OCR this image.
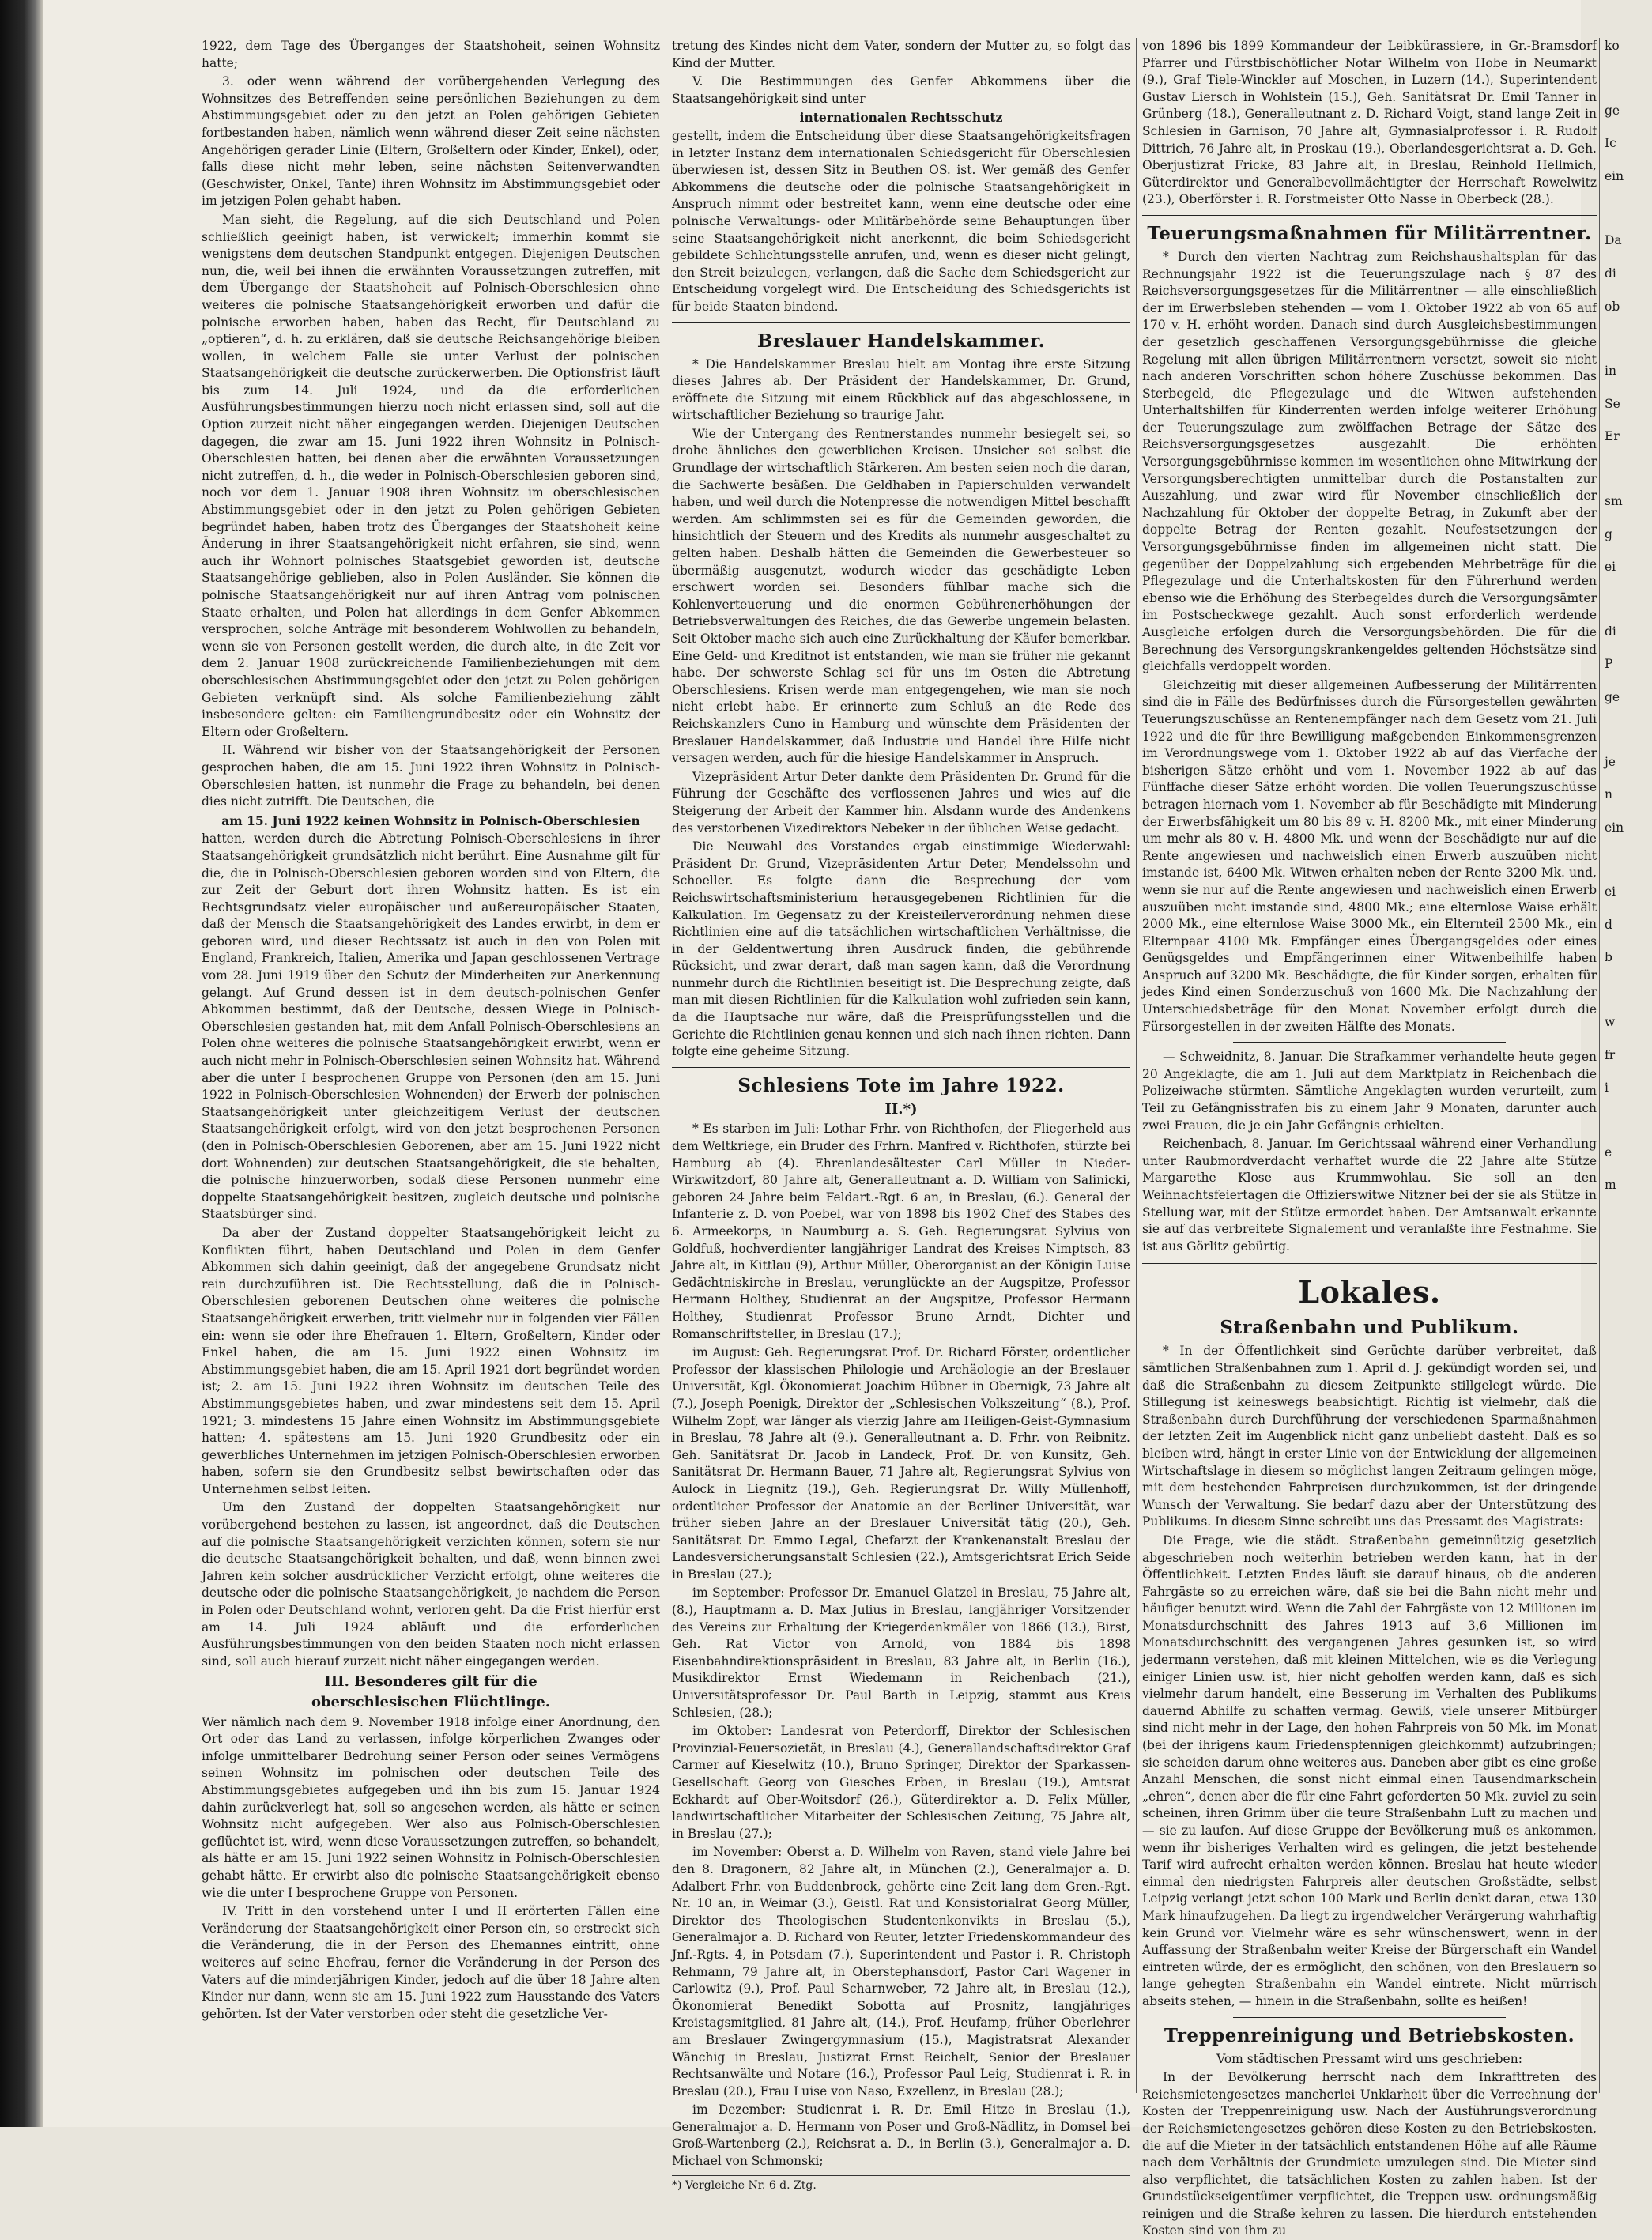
1922, dem Tage des Überganges der Staatshoheit, seinen Wohnsitz hatte;

3. oder wenn während der vorübergehenden Verlegung des Wohnsitzes des Betreffenden seine persönlichen Beziehungen zu dem Abstimmungsgebiet oder zu den jetzt an Polen gehörigen Gebieten fortbestanden haben, nämlich wenn während dieser Zeit seine nächsten Angehörigen gerader Linie (Eltern, Großeltern oder Kinder, Enkel), oder, falls diese nicht mehr leben, seine nächsten Seitenverwandten (Geschwister, Onkel, Tante) ihren Wohnsitz im Abstimmungsgebiet oder im jetzigen Polen gehabt haben.

Man sieht, die Regelung, auf die sich Deutschland und Polen schließlich geeinigt haben, ist verwickelt; immerhin kommt sie wenigstens dem deutschen Standpunkt entgegen. Diejenigen Deutschen nun, die, weil bei ihnen die erwähnten Voraussetzungen zutreffen, mit dem Übergange der Staatshoheit auf Polnisch-Oberschlesien ohne weiteres die polnische Staatsangehörigkeit erworben und dafür die polnische erworben haben, haben das Recht, für Deutschland zu „optieren“, d. h. zu erklären, daß sie deutsche Reichsangehörige bleiben wollen, in welchem Falle sie unter Verlust der polnischen Staatsangehörigkeit die deutsche zurückerwerben. Die Optionsfrist läuft bis zum 14. Juli 1924, und da die erforderlichen Ausführungsbestimmungen hierzu noch nicht erlassen sind, soll auf die Option zurzeit nicht näher eingegangen werden. Diejenigen Deutschen dagegen, die zwar am 15. Juni 1922 ihren Wohnsitz in Polnisch-Oberschlesien hatten, bei denen aber die erwähnten Voraussetzungen nicht zutreffen, d. h., die weder in Polnisch-Oberschlesien geboren sind, noch vor dem 1. Januar 1908 ihren Wohnsitz im oberschlesischen Abstimmungsgebiet oder in den jetzt zu Polen gehörigen Gebieten begründet haben, haben trotz des Überganges der Staatshoheit keine Änderung in ihrer Staatsangehörigkeit nicht erfahren, sie sind, wenn auch ihr Wohnort polnisches Staatsgebiet geworden ist, deutsche Staatsangehörige geblieben, also in Polen Ausländer. Sie können die polnische Staatsangehörigkeit nur auf ihren Antrag vom polnischen Staate erhalten, und Polen hat allerdings in dem Genfer Abkommen versprochen, solche Anträge mit besonderem Wohlwollen zu behandeln, wenn sie von Personen gestellt werden, die durch alte, in die Zeit vor dem 2. Januar 1908 zurückreichende Familienbeziehungen mit dem oberschlesischen Abstimmungsgebiet oder den jetzt zu Polen gehörigen Gebieten verknüpft sind. Als solche Familienbeziehung zählt insbesondere gelten: ein Familiengrundbesitz oder ein Wohnsitz der Eltern oder Großeltern.

II. Während wir bisher von der Staatsangehörigkeit der Personen gesprochen haben, die am 15. Juni 1922 ihren Wohnsitz in Polnisch-Oberschlesien hatten, ist nunmehr die Frage zu behandeln, bei denen dies nicht zutrifft. Die Deutschen, die

am 15. Juni 1922 keinen Wohnsitz in Polnisch-Oberschlesien

hatten, werden durch die Abtretung Polnisch-Oberschlesiens in ihrer Staatsangehörigkeit grundsätzlich nicht berührt. Eine Ausnahme gilt für die, die in Polnisch-Oberschlesien geboren worden sind von Eltern, die zur Zeit der Geburt dort ihren Wohnsitz hatten. Es ist ein Rechtsgrundsatz vieler europäischer und außereuropäischer Staaten, daß der Mensch die Staatsangehörigkeit des Landes erwirbt, in dem er geboren wird, und dieser Rechtssatz ist auch in den von Polen mit England, Frankreich, Italien, Amerika und Japan geschlossenen Vertrage vom 28. Juni 1919 über den Schutz der Minderheiten zur Anerkennung gelangt. Auf Grund dessen ist in dem deutsch-polnischen Genfer Abkommen bestimmt, daß der Deutsche, dessen Wiege in Polnisch-Oberschlesien gestanden hat, mit dem Anfall Polnisch-Oberschlesiens an Polen ohne weiteres die polnische Staatsangehörigkeit erwirbt, wenn er auch nicht mehr in Polnisch-Oberschlesien seinen Wohnsitz hat. Während aber die unter I besprochenen Gruppe von Personen (den am 15. Juni 1922 in Polnisch-Oberschlesien Wohnenden) der Erwerb der polnischen Staatsangehörigkeit unter gleichzeitigem Verlust der deutschen Staatsangehörigkeit erfolgt, wird von den jetzt besprochenen Personen (den in Polnisch-Oberschlesien Geborenen, aber am 15. Juni 1922 nicht dort Wohnenden) zur deutschen Staatsangehörigkeit, die sie behalten, die polnische hinzuerworben, sodaß diese Personen nunmehr eine doppelte Staatsangehörigkeit besitzen, zugleich deutsche und polnische Staatsbürger sind.

Da aber der Zustand doppelter Staatsangehörigkeit leicht zu Konflikten führt, haben Deutschland und Polen in dem Genfer Abkommen sich dahin geeinigt, daß der angegebene Grundsatz nicht rein durchzuführen ist. Die Rechtsstellung, daß die in Polnisch-Oberschlesien geborenen Deutschen ohne weiteres die polnische Staatsangehörigkeit erwerben, tritt vielmehr nur in folgenden vier Fällen ein: wenn sie oder ihre Ehefrauen 1. Eltern, Großeltern, Kinder oder Enkel haben, die am 15. Juni 1922 einen Wohnsitz im Abstimmungsgebiet haben, die am 15. April 1921 dort begründet worden ist; 2. am 15. Juni 1922 ihren Wohnsitz im deutschen Teile des Abstimmungsgebietes haben, und zwar mindestens seit dem 15. April 1921; 3. mindestens 15 Jahre einen Wohnsitz im Abstimmungsgebiete hatten; 4. spätestens am 15. Juni 1920 Grundbesitz oder ein gewerbliches Unternehmen im jetzigen Polnisch-Oberschlesien erworben haben, sofern sie den Grundbesitz selbst bewirtschaften oder das Unternehmen selbst leiten.

Um den Zustand der doppelten Staatsangehörigkeit nur vorübergehend bestehen zu lassen, ist angeordnet, daß die Deutschen auf die polnische Staatsangehörigkeit verzichten können, sofern sie nur die deutsche Staatsangehörigkeit behalten, und daß, wenn binnen zwei Jahren kein solcher ausdrücklicher Verzicht erfolgt, ohne weiteres die deutsche oder die polnische Staatsangehörigkeit, je nachdem die Person in Polen oder Deutschland wohnt, verloren geht. Da die Frist hierfür erst am 14. Juli 1924 abläuft und die erforderlichen Ausführungsbestimmungen von den beiden Staaten noch nicht erlassen sind, soll auch hierauf zurzeit nicht näher eingegangen werden.

III. Besonderes gilt für die
oberschlesischen Flüchtlinge.

Wer nämlich nach dem 9. November 1918 infolge einer Anordnung, den Ort oder das Land zu verlassen, infolge körperlichen Zwanges oder infolge unmittelbarer Bedrohung seiner Person oder seines Vermögens seinen Wohnsitz im polnischen oder deutschen Teile des Abstimmungsgebietes aufgegeben und ihn bis zum 15. Januar 1924 dahin zurückverlegt hat, soll so angesehen werden, als hätte er seinen Wohnsitz nicht aufgegeben. Wer also aus Polnisch-Oberschlesien geflüchtet ist, wird, wenn diese Voraussetzungen zutreffen, so behandelt, als hätte er am 15. Juni 1922 seinen Wohnsitz in Polnisch-Oberschlesien gehabt hätte. Er erwirbt also die polnische Staatsangehörigkeit ebenso wie die unter I besprochene Gruppe von Personen.

IV. Tritt in den vorstehend unter I und II erörterten Fällen eine Veränderung der Staatsangehörigkeit einer Person ein, so erstreckt sich die Veränderung, die in der Person des Ehemannes eintritt, ohne weiteres auf seine Ehefrau, ferner die Veränderung in der Person des Vaters auf die minderjährigen Kinder, jedoch auf die über 18 Jahre alten Kinder nur dann, wenn sie am 15. Juni 1922 zum Hausstande des Vaters gehörten. Ist der Vater verstorben oder steht die gesetzliche Ver-

tretung des Kindes nicht dem Vater, sondern der Mutter zu, so folgt das Kind der Mutter.

V. Die Bestimmungen des Genfer Abkommens über die Staatsangehörigkeit sind unter

internationalen Rechtsschutz

gestellt, indem die Entscheidung über diese Staatsangehörigkeitsfragen in letzter Instanz dem internationalen Schiedsgericht für Oberschlesien überwiesen ist, dessen Sitz in Beuthen OS. ist. Wer gemäß des Genfer Abkommens die deutsche oder die polnische Staatsangehörigkeit in Anspruch nimmt oder bestreitet kann, wenn eine deutsche oder eine polnische Verwaltungs- oder Militärbehörde seine Behauptungen über seine Staatsangehörigkeit nicht anerkennt, die beim Schiedsgericht gebildete Schlichtungsstelle anrufen, und, wenn es dieser nicht gelingt, den Streit beizulegen, verlangen, daß die Sache dem Schiedsgericht zur Entscheidung vorgelegt wird. Die Entscheidung des Schiedsgerichts ist für beide Staaten bindend.

Breslauer Handelskammer.

* Die Handelskammer Breslau hielt am Montag ihre erste Sitzung dieses Jahres ab. Der Präsident der Handelskammer, Dr. Grund, eröffnete die Sitzung mit einem Rückblick auf das abgeschlossene, in wirtschaftlicher Beziehung so traurige Jahr.

Wie der Untergang des Rentnerstandes nunmehr besiegelt sei, so drohe ähnliches den gewerblichen Kreisen. Unsicher sei selbst die Grundlage der wirtschaftlich Stärkeren. Am besten seien noch die daran, die Sachwerte besäßen. Die Geldhaben in Papierschulden verwandelt haben, und weil durch die Notenpresse die notwendigen Mittel beschafft werden. Am schlimmsten sei es für die Gemeinden geworden, die hinsichtlich der Steuern und des Kredits als nunmehr ausgeschaltet zu gelten haben. Deshalb hätten die Gemeinden die Gewerbesteuer so übermäßig ausgenutzt, wodurch wieder das geschädigte Leben erschwert worden sei. Besonders fühlbar mache sich die Kohlenverteuerung und die enormen Gebührenerhöhungen der Betriebsverwaltungen des Reiches, die das Gewerbe ungemein belasten. Seit Oktober mache sich auch eine Zurückhaltung der Käufer bemerkbar. Eine Geld- und Kreditnot ist entstanden, wie man sie früher nie gekannt habe. Der schwerste Schlag sei für uns im Osten die Abtretung Oberschlesiens. Krisen werde man entgegengehen, wie man sie noch nicht erlebt habe. Er erinnerte zum Schluß an die Rede des Reichskanzlers Cuno in Hamburg und wünschte dem Präsidenten der Breslauer Handelskammer, daß Industrie und Handel ihre Hilfe nicht versagen werden, auch für die hiesige Handelskammer in Anspruch.

Vizepräsident Artur Deter dankte dem Präsidenten Dr. Grund für die Führung der Geschäfte des verflossenen Jahres und wies auf die Steigerung der Arbeit der Kammer hin. Alsdann wurde des Andenkens des verstorbenen Vizedirektors Nebeker in der üblichen Weise gedacht.

Die Neuwahl des Vorstandes ergab einstimmige Wiederwahl: Präsident Dr. Grund, Vizepräsidenten Artur Deter, Mendelssohn und Schoeller. Es folgte dann die Besprechung der vom Reichswirtschaftsministerium herausgegebenen Richtlinien für die Kalkulation. Im Gegensatz zu der Kreisteilerverordnung nehmen diese Richtlinien eine auf die tatsächlichen wirtschaftlichen Verhältnisse, die in der Geldentwertung ihren Ausdruck finden, die gebührende Rücksicht, und zwar derart, daß man sagen kann, daß die Verordnung nunmehr durch die Richtlinien beseitigt ist. Die Besprechung zeigte, daß man mit diesen Richtlinien für die Kalkulation wohl zufrieden sein kann, da die Hauptsache nur wäre, daß die Preisprüfungsstellen und die Gerichte die Richtlinien genau kennen und sich nach ihnen richten. Dann folgte eine geheime Sitzung.

Schlesiens Tote im Jahre 1922.
II.*)

* Es starben im Juli: Lothar Frhr. von Richthofen, der Fliegerheld aus dem Weltkriege, ein Bruder des Frhrn. Manfred v. Richthofen, stürzte bei Hamburg ab (4). Ehrenlandesältester Carl Müller in Nieder-Wirkwitzdorf, 80 Jahre alt, Generalleutnant a. D. William von Salinicki, geboren 24 Jahre beim Feldart.-Rgt. 6 an, in Breslau, (6.). General der Infanterie z. D. von Poebel, war von 1898 bis 1902 Chef des Stabes des 6. Armeekorps, in Naumburg a. S. Geh. Regierungsrat Sylvius von Goldfuß, hochverdienter langjähriger Landrat des Kreises Nimptsch, 83 Jahre alt, in Kittlau (9), Arthur Müller, Oberorganist an der Königin Luise Gedächtniskirche in Breslau, verunglückte an der Augspitze, Professor Hermann Holthey, Studienrat an der Augspitze, Professor Hermann Holthey, Studienrat Professor Bruno Arndt, Dichter und Romanschriftsteller, in Breslau (17.);

im August: Geh. Regierungsrat Prof. Dr. Richard Förster, ordentlicher Professor der klassischen Philologie und Archäologie an der Breslauer Universität, Kgl. Ökonomierat Joachim Hübner in Obernigk, 73 Jahre alt (7.), Joseph Poenigk, Direktor der „Schlesischen Volkszeitung“ (8.), Prof. Wilhelm Zopf, war länger als vierzig Jahre am Heiligen-Geist-Gymnasium in Breslau, 78 Jahre alt (9.). Generalleutnant a. D. Frhr. von Reibnitz. Geh. Sanitätsrat Dr. Jacob in Landeck, Prof. Dr. von Kunsitz, Geh. Sanitätsrat Dr. Hermann Bauer, 71 Jahre alt, Regierungsrat Sylvius von Aulock in Liegnitz (19.), Geh. Regierungsrat Dr. Willy Müllenhoff, ordentlicher Professor der Anatomie an der Berliner Universität, war früher sieben Jahre an der Breslauer Universität tätig (20.), Geh. Sanitätsrat Dr. Emmo Legal, Chefarzt der Krankenanstalt Breslau der Landesversicherungsanstalt Schlesien (22.), Amtsgerichtsrat Erich Seide in Breslau (27.);

im September: Professor Dr. Emanuel Glatzel in Breslau, 75 Jahre alt, (8.), Hauptmann a. D. Max Julius in Breslau, langjähriger Vorsitzender des Vereins zur Erhaltung der Kriegerdenkmäler von 1866 (13.), Birst, Geh. Rat Victor von Arnold, von 1884 bis 1898 Eisenbahndirektionspräsident in Breslau, 83 Jahre alt, in Berlin (16.), Musikdirektor Ernst Wiedemann in Reichenbach (21.), Universitätsprofessor Dr. Paul Barth in Leipzig, stammt aus Kreis Schlesien, (28.);

im Oktober: Landesrat von Peterdorff, Direktor der Schlesischen Provinzial-Feuersozietät, in Breslau (4.), Generallandschaftsdirektor Graf Carmer auf Kieselwitz (10.), Bruno Springer, Direktor der Sparkassen-Gesellschaft Georg von Giesches Erben, in Breslau (19.), Amtsrat Eckhardt auf Ober-Woitsdorf (26.), Güterdirektor a. D. Felix Müller, landwirtschaftlicher Mitarbeiter der Schlesischen Zeitung, 75 Jahre alt, in Breslau (27.);

im November: Oberst a. D. Wilhelm von Raven, stand viele Jahre bei den 8. Dragonern, 82 Jahre alt, in München (2.), Generalmajor a. D. Adalbert Frhr. von Buddenbrock, gehörte eine Zeit lang dem Gren.-Rgt. Nr. 10 an, in Weimar (3.), Geistl. Rat und Konsistorialrat Georg Müller, Direktor des Theologischen Studentenkonvikts in Breslau (5.), Generalmajor a. D. Richard von Reuter, letzter Friedenskommandeur des Jnf.-Rgts. 4, in Potsdam (7.), Superintendent und Pastor i. R. Christoph Rehmann, 79 Jahre alt, in Oberstephansdorf, Pastor Carl Wagener in Carlowitz (9.), Prof. Paul Scharnweber, 72 Jahre alt, in Breslau (12.), Ökonomierat Benedikt Sobotta auf Prosnitz, langjähriges Kreistagsmitglied, 81 Jahre alt, (14.), Prof. Heufamp, früher Oberlehrer am Breslauer Zwingergymnasium (15.), Magistratsrat Alexander Wänchig in Breslau, Justizrat Ernst Reichelt, Senior der Breslauer Rechtsanwälte und Notare (16.), Professor Paul Leig, Studienrat i. R. in Breslau (20.), Frau Luise von Naso, Exzellenz, in Breslau (28.);

im Dezember: Studienrat i. R. Dr. Emil Hitze in Breslau (1.), Generalmajor a. D. Hermann von Poser und Groß-Nädlitz, in Domsel bei Groß-Wartenberg (2.), Reichsrat a. D., in Berlin (3.), Generalmajor a. D. Michael von Schmonski;

*) Vergleiche Nr. 6 d. Ztg.

von 1896 bis 1899 Kommandeur der Leibkürassiere, in Gr.-Bramsdorf Pfarrer und Fürstbischöflicher Notar Wilhelm von Hobe in Neumarkt (9.), Graf Tiele-Winckler auf Moschen, in Luzern (14.), Superintendent Gustav Liersch in Wohlstein (15.), Geh. Sanitätsrat Dr. Emil Tanner in Grünberg (18.), Generalleutnant z. D. Richard Voigt, stand lange Zeit in Schlesien in Garnison, 70 Jahre alt, Gymnasialprofessor i. R. Rudolf Dittrich, 76 Jahre alt, in Proskau (19.), Oberlandesgerichtsrat a. D. Geh. Oberjustizrat Fricke, 83 Jahre alt, in Breslau, Reinhold Hellmich, Güterdirektor und Generalbevollmächtigter der Herrschaft Rowelwitz (23.), Oberförster i. R. Forstmeister Otto Nasse in Oberbeck (28.).

Teuerungsmaßnahmen für Militärrentner.

* Durch den vierten Nachtrag zum Reichshaushaltsplan für das Rechnungsjahr 1922 ist die Teuerungszulage nach § 87 des Reichsversorgungsgesetzes für die Militärrentner — alle einschließlich der im Erwerbsleben stehenden — vom 1. Oktober 1922 ab von 65 auf 170 v. H. erhöht worden. Danach sind durch Ausgleichsbestimmungen der gesetzlich geschaffenen Versorgungsgebührnisse die gleiche Regelung mit allen übrigen Militärrentnern versetzt, soweit sie nicht nach anderen Vorschriften schon höhere Zuschüsse bekommen. Das Sterbegeld, die Pflegezulage und die Witwen aufstehenden Unterhaltshilfen für Kinderrenten werden infolge weiterer Erhöhung der Teuerungszulage zum zwölffachen Betrage der Sätze des Reichsversorgungsgesetzes ausgezahlt. Die erhöhten Versorgungsgebührnisse kommen im wesentlichen ohne Mitwirkung der Versorgungsberechtigten unmittelbar durch die Postanstalten zur Auszahlung, und zwar wird für November einschließlich der Nachzahlung für Oktober der doppelte Betrag, in Zukunft aber der doppelte Betrag der Renten gezahlt. Neufestsetzungen der Versorgungsgebührnisse finden im allgemeinen nicht statt. Die gegenüber der Doppelzahlung sich ergebenden Mehrbeträge für die Pflegezulage und die Unterhaltskosten für den Führerhund werden ebenso wie die Erhöhung des Sterbegeldes durch die Versorgungsämter im Postscheckwege gezahlt. Auch sonst erforderlich werdende Ausgleiche erfolgen durch die Versorgungsbehörden. Die für die Berechnung des Versorgungskrankengeldes geltenden Höchstsätze sind gleichfalls verdoppelt worden.

Gleichzeitig mit dieser allgemeinen Aufbesserung der Militärrenten sind die in Fälle des Bedürfnisses durch die Fürsorgestellen gewährten Teuerungszuschüsse an Rentenempfänger nach dem Gesetz vom 21. Juli 1922 und die für ihre Bewilligung maßgebenden Einkommensgrenzen im Verordnungswege vom 1. Oktober 1922 ab auf das Vierfache der bisherigen Sätze erhöht und vom 1. November 1922 ab auf das Fünffache dieser Sätze erhöht worden. Die vollen Teuerungszuschüsse betragen hiernach vom 1. November ab für Beschädigte mit Minderung der Erwerbsfähigkeit um 80 bis 89 v. H. 8200 Mk., mit einer Minderung um mehr als 80 v. H. 4800 Mk. und wenn der Beschädigte nur auf die Rente angewiesen und nachweislich einen Erwerb auszuüben nicht imstande ist, 6400 Mk. Witwen erhalten neben der Rente 3200 Mk. und, wenn sie nur auf die Rente angewiesen und nachweislich einen Erwerb auszuüben nicht imstande sind, 4800 Mk.; eine elternlose Waise erhält 2000 Mk., eine elternlose Waise 3000 Mk., ein Elternteil 2500 Mk., ein Elternpaar 4100 Mk. Empfänger eines Übergangsgeldes oder eines Genügsgeldes und Empfängerinnen einer Witwenbeihilfe haben Anspruch auf 3200 Mk. Beschädigte, die für Kinder sorgen, erhalten für jedes Kind einen Sonderzuschuß von 1600 Mk. Die Nachzahlung der Unterschiedsbeträge für den Monat November erfolgt durch die Fürsorgestellen in der zweiten Hälfte des Monats.

— Schweidnitz, 8. Januar. Die Strafkammer verhandelte heute gegen 20 Angeklagte, die am 1. Juli auf dem Marktplatz in Reichenbach die Polizeiwache stürmten. Sämtliche Angeklagten wurden verurteilt, zum Teil zu Gefängnisstrafen bis zu einem Jahr 9 Monaten, darunter auch zwei Frauen, die je ein Jahr Gefängnis erhielten.

Reichenbach, 8. Januar. Im Gerichtssaal während einer Verhandlung unter Raubmordverdacht verhaftet wurde die 22 Jahre alte Stütze Margarethe Klose aus Krummwohlau. Sie soll an den Weihnachtsfeiertagen die Offizierswitwe Nitzner bei der sie als Stütze in Stellung war, mit der Stütze ermordet haben. Der Amtsanwalt erkannte sie auf das verbreitete Signalement und veranlaßte ihre Festnahme. Sie ist aus Görlitz gebürtig.

Lokales.
Straßenbahn und Publikum.

* In der Öffentlichkeit sind Gerüchte darüber verbreitet, daß sämtlichen Straßenbahnen zum 1. April d. J. gekündigt worden sei, und daß die Straßenbahn zu diesem Zeitpunkte stillgelegt würde. Die Stillegung ist keineswegs beabsichtigt. Richtig ist vielmehr, daß die Straßenbahn durch Durchführung der verschiedenen Sparmaßnahmen der letzten Zeit im Augenblick nicht ganz unbeliebt dasteht. Daß es so bleiben wird, hängt in erster Linie von der Entwicklung der allgemeinen Wirtschaftslage in diesem so möglichst langen Zeitraum gelingen möge, mit dem bestehenden Fahrpreisen durchzukommen, ist der dringende Wunsch der Verwaltung. Sie bedarf dazu aber der Unterstützung des Publikums. In diesem Sinne schreibt uns das Pressamt des Magistrats:

Die Frage, wie die städt. Straßenbahn gemeinnützig gesetzlich abgeschrieben noch weiterhin betrieben werden kann, hat in der Öffentlichkeit. Letzten Endes läuft sie darauf hinaus, ob die anderen Fahrgäste so zu erreichen wäre, daß sie bei die Bahn nicht mehr und häufiger benutzt wird. Wenn die Zahl der Fahrgäste von 12 Millionen im Monatsdurchschnitt des Jahres 1913 auf 3,6 Millionen im Monatsdurchschnitt des vergangenen Jahres gesunken ist, so wird jedermann verstehen, daß mit kleinen Mittelchen, wie es die Verlegung einiger Linien usw. ist, hier nicht geholfen werden kann, daß es sich vielmehr darum handelt, eine Besserung im Verhalten des Publikums dauernd Abhilfe zu schaffen vermag. Gewiß, viele unserer Mitbürger sind nicht mehr in der Lage, den hohen Fahrpreis von 50 Mk. im Monat (bei der ihrigens kaum Friedenspfennigen gleichkommt) aufzubringen; sie scheiden darum ohne weiteres aus. Daneben aber gibt es eine große Anzahl Menschen, die sonst nicht einmal einen Tausendmarkschein „ehren“, denen aber die für eine Fahrt geforderten 50 Mk. zuviel zu sein scheinen, ihren Grimm über die teure Straßenbahn Luft zu machen und — sie zu laufen. Auf diese Gruppe der Bevölkerung muß es ankommen, wenn ihr bisheriges Verhalten wird es gelingen, die jetzt bestehende Tarif wird aufrecht erhalten werden können. Breslau hat heute wieder einmal den niedrigsten Fahrpreis aller deutschen Großstädte, selbst Leipzig verlangt jetzt schon 100 Mark und Berlin denkt daran, etwa 130 Mark hinaufzugehen. Da liegt zu irgendwelcher Verärgerung wahrhaftig kein Grund vor. Vielmehr wäre es sehr wünschenswert, wenn in der Auffassung der Straßenbahn weiter Kreise der Bürgerschaft ein Wandel eintreten würde, der es ermöglicht, den schönen, von den Breslauern so lange gehegten Straßenbahn ein Wandel eintrete. Nicht mürrisch abseits stehen, — hinein in die Straßenbahn, sollte es heißen!

Treppenreinigung und Betriebskosten.

Vom städtischen Pressamt wird uns geschrieben:

In der Bevölkerung herrscht nach dem Inkrafttreten des Reichsmietengesetzes mancherlei Unklarheit über die Verrechnung der Kosten der Treppenreinigung usw. Nach der Ausführungsverordnung der Reichsmietengesetzes gehören diese Kosten zu den Betriebskosten, die auf die Mieter in der tatsächlich entstandenen Höhe auf alle Räume nach dem Verhältnis der Grundmiete umzulegen sind. Die Mieter sind also verpflichtet, die tatsächlichen Kosten zu zahlen haben. Ist der Grundstückseigentümer verpflichtet, die Treppen usw. ordnungsmäßig reinigen und die Straße kehren zu lassen. Die hierdurch entstehenden Kosten sind von ihm zu

ko
ge
Ic
ein
Da
di
ob
in
Se
Er
sm
g
ei
di
P
ge
je
n
ein
ei
d
b
w
fr
i
e
m
